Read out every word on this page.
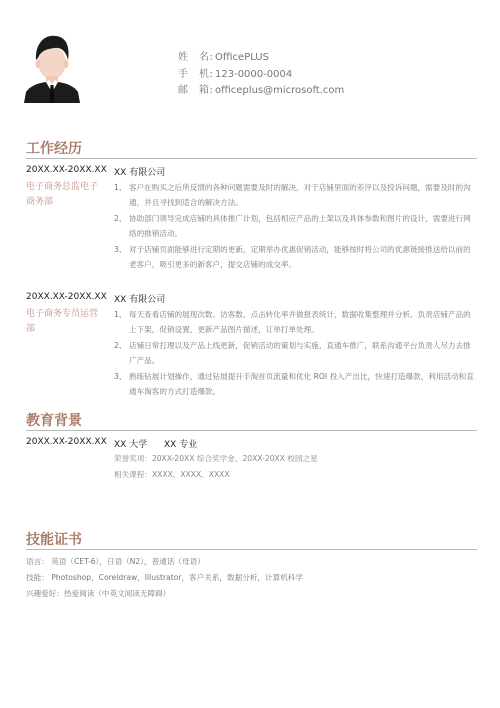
姓　名: OfficePLUS
手　机: 123-0000-0004
邮　箱: officeplus@microsoft.com
工作经历
20XX.XX-20XX.XX XX 有限公司
电子商务总监电子商务部
1、 客户在购买之后所反馈的各种问题需要及时的解决，对于店铺里面的差评以及投诉问题，需要及时的沟通，并且寻找到适合的解决方法。
2、 协助部门领导完成店铺的具体推广计划，包括相应产品的上架以及具体参数和图片的设计，需要进行网络的推销活动。
3、 对于店铺页面能够进行定期的更新，定期举办优惠促销活动，能够按时将公司的优惠链接推送给以前的老客户，吸引更多的新客户，提交店铺的成交率。
20XX.XX-20XX.XX XX 有限公司
电子商务专员运营部
1、 每天查看店铺的展现次数、访客数、点击转化率并做报表统计，数据收集整理并分析。负责店铺产品的上下架，促销设置，更新产品图片描述，订单打单处理。
2、 店铺日常打理以及产品上线更新，促销活动的策划与实施，直通车推广，联系沟通平台负责人尽力去推广产品。
3、 熟练钻展计划操作，通过钻展提升手淘首页流量和优化 ROI 投入产出比，快速打造爆款，利用活动和直通车淘客的方式打造爆款。
教育背景
20XX.XX-20XX.XX XX 大学 XX 专业
荣誉奖项：20XX-20XX 综合奖学金、20XX-20XX 校园之星
相关课程：XXXX、XXXX、XXXX
技能证书
语言： 英语（CET-6），日语（N2），普通话（母语）
技能： Photoshop，Coreldraw，Illustrator，客户关系，数据分析，计算机科学
兴趣爱好：热爱阅读（中英文阅读无障碍）
